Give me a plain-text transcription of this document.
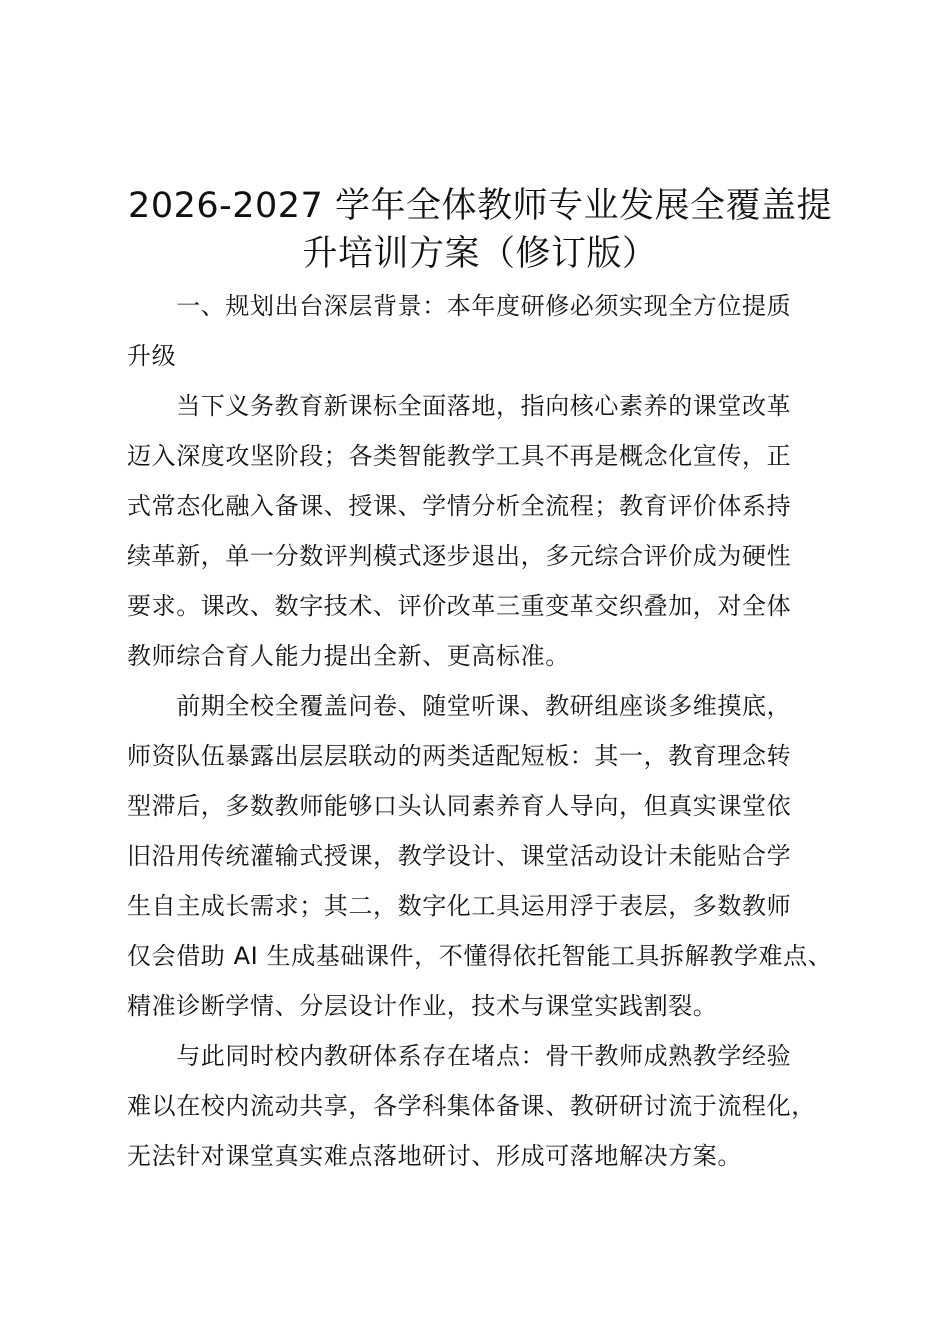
2026-2027 学年全体教师专业发展全覆盖提
升培训方案（修订版）

　　一、规划出台深层背景：本年度研修必须实现全方位提质

升级

　　当下义务教育新课标全面落地，指向核心素养的课堂改革

迈入深度攻坚阶段；各类智能教学工具不再是概念化宣传，正

式常态化融入备课、授课、学情分析全流程；教育评价体系持

续革新，单一分数评判模式逐步退出，多元综合评价成为硬性

要求。课改、数字技术、评价改革三重变革交织叠加，对全体

教师综合育人能力提出全新、更高标准。

　　前期全校全覆盖问卷、随堂听课、教研组座谈多维摸底，

师资队伍暴露出层层联动的两类适配短板：其一，教育理念转

型滞后，多数教师能够口头认同素养育人导向，但真实课堂依

旧沿用传统灌输式授课，教学设计、课堂活动设计未能贴合学

生自主成长需求；其二，数字化工具运用浮于表层，多数教师

仅会借助 AI 生成基础课件，不懂得依托智能工具拆解教学难点、

精准诊断学情、分层设计作业，技术与课堂实践割裂。

　　与此同时校内教研体系存在堵点：骨干教师成熟教学经验

难以在校内流动共享，各学科集体备课、教研研讨流于流程化，

无法针对课堂真实难点落地研讨、形成可落地解决方案。
